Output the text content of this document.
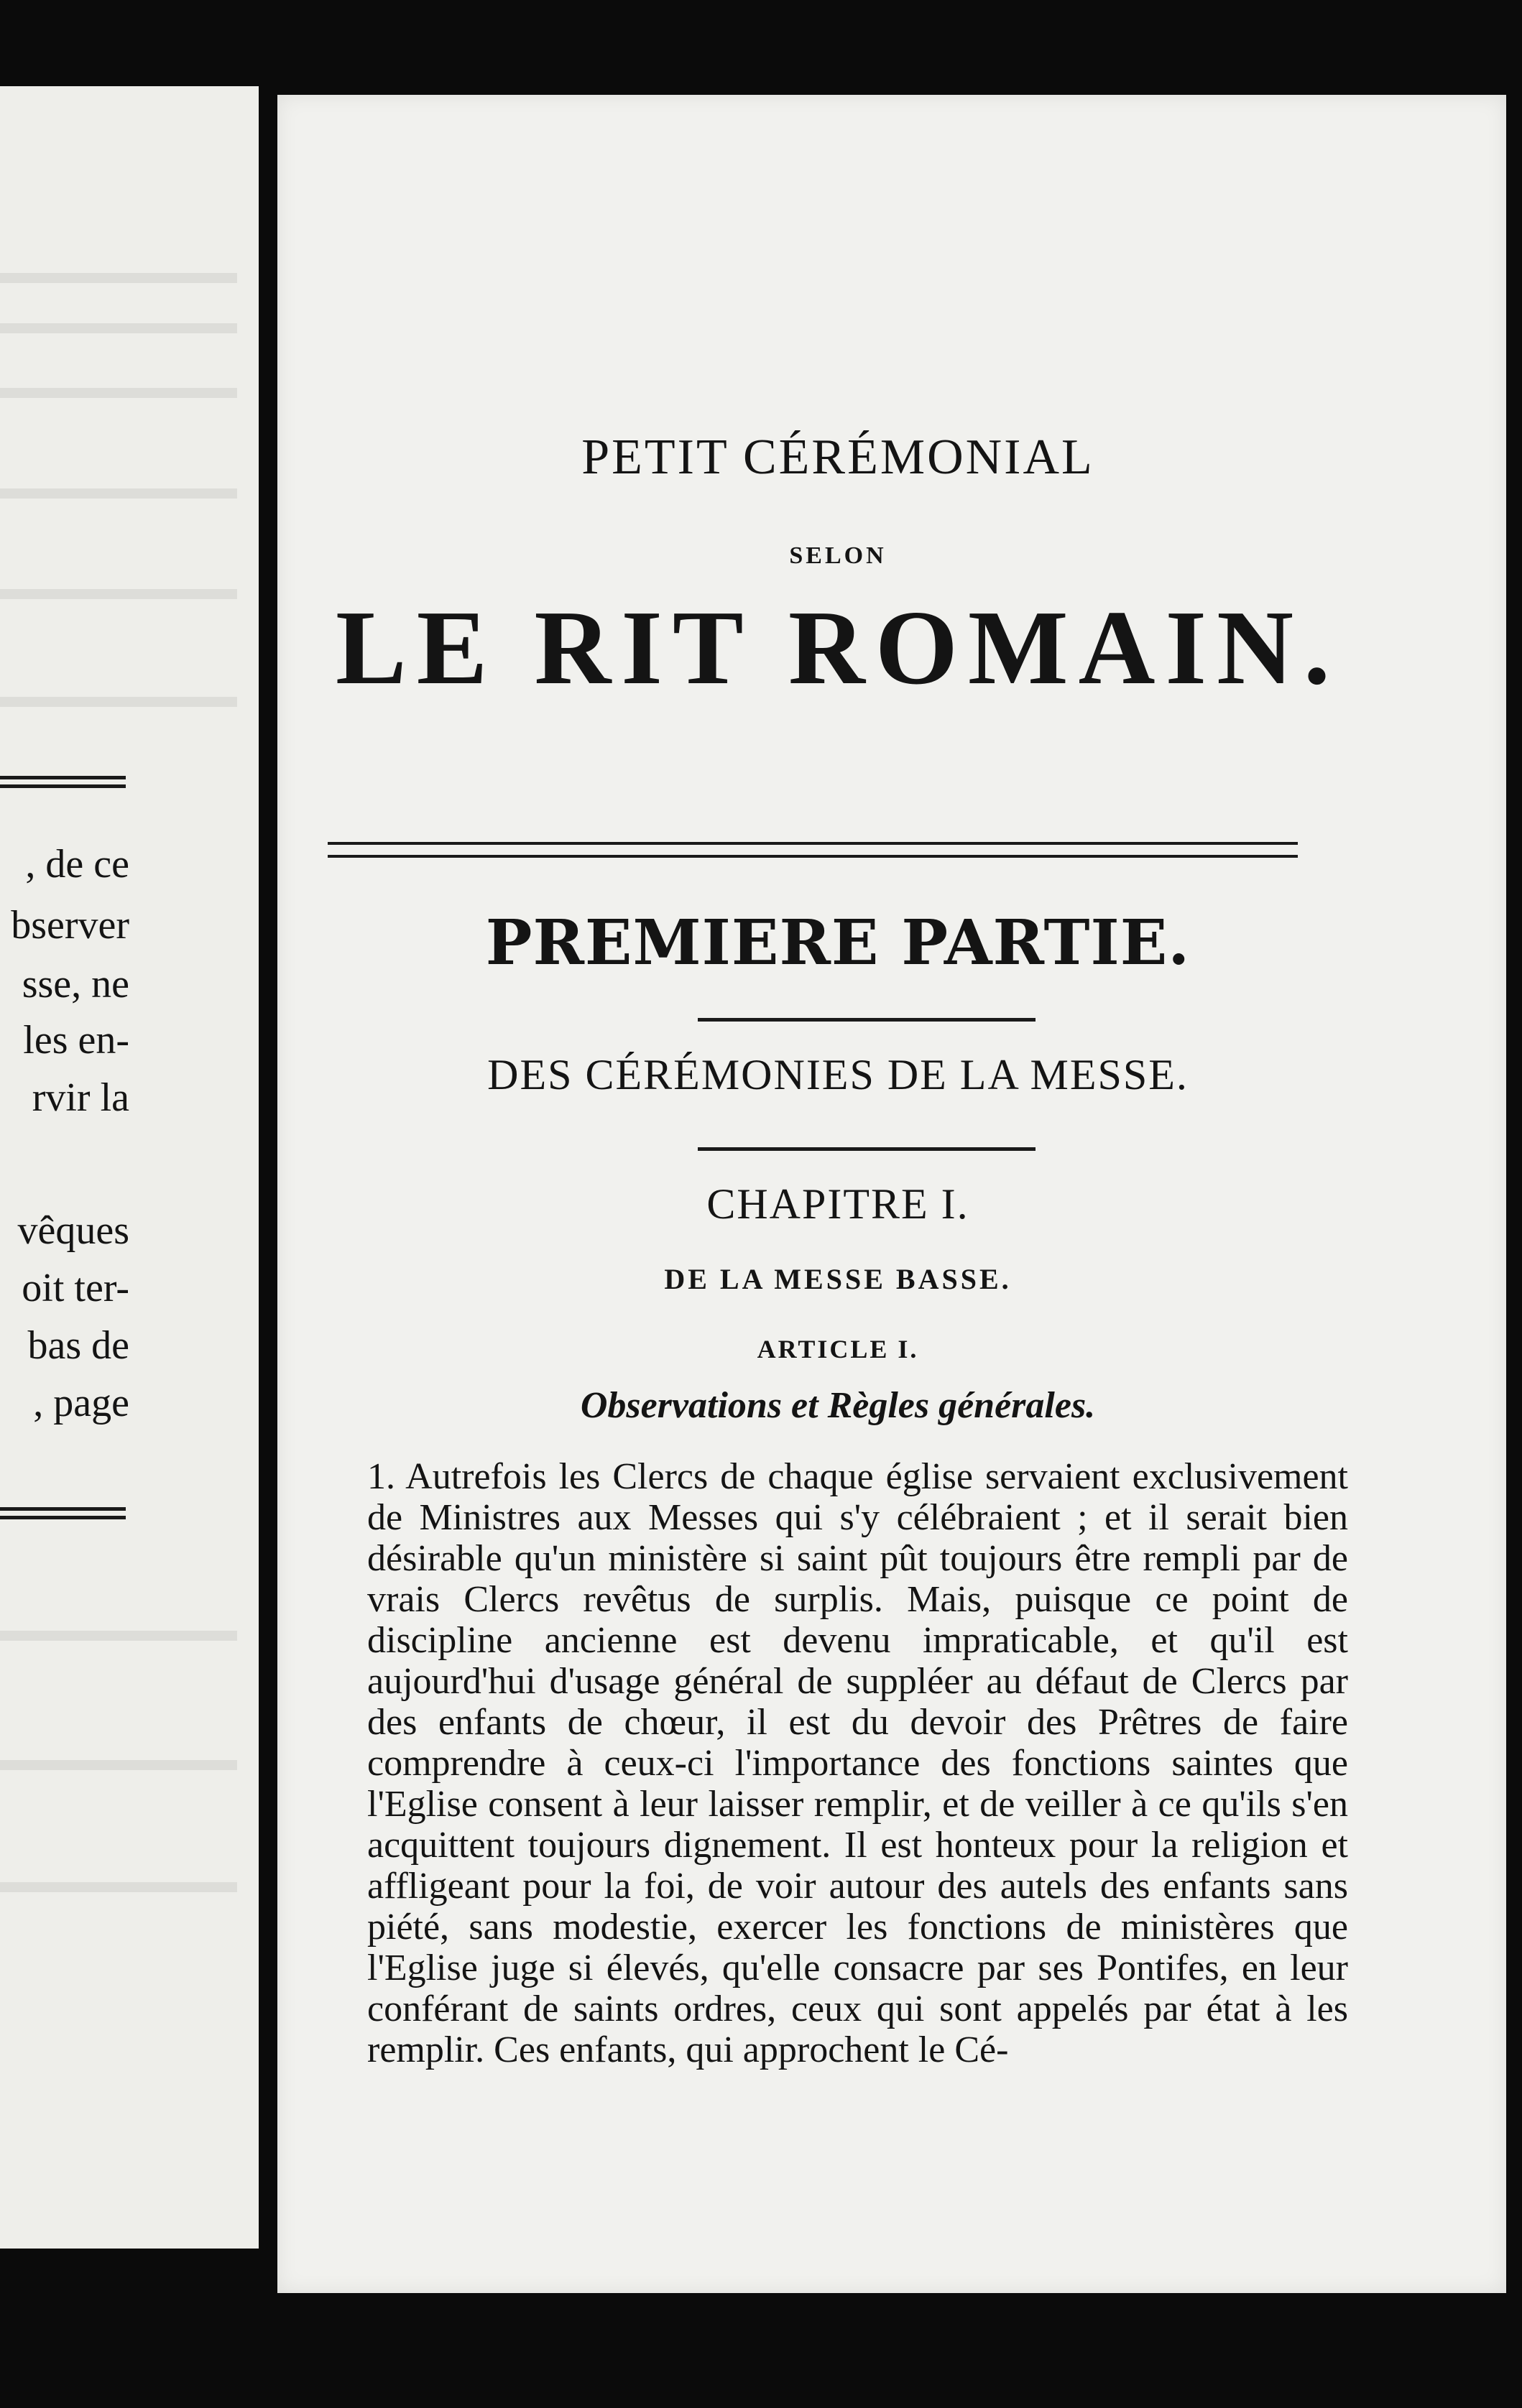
, de ce
bserver
sse, ne
les en-
rvir la
vêques
oit ter-
bas de
, page
PETIT CÉRÉMONIAL
SELON
LE RIT ROMAIN.
PREMIERE PARTIE.
DES CÉRÉMONIES DE LA MESSE.
CHAPITRE I.
DE LA MESSE BASSE.
ARTICLE I.
Observations et Règles générales.
1. Autrefois les Clercs de chaque église servaient exclusivement de Ministres aux Messes qui s'y célébraient ; et il serait bien désirable qu'un ministère si saint pût toujours être rempli par de vrais Clercs revêtus de surplis. Mais, puisque ce point de discipline ancienne est devenu impraticable, et qu'il est aujourd'hui d'usage général de suppléer au défaut de Clercs par des enfants de chœur, il est du devoir des Prêtres de faire comprendre à ceux-ci l'importance des fonctions saintes que l'Eglise consent à leur laisser remplir, et de veiller à ce qu'ils s'en acquittent toujours dignement. Il est honteux pour la religion et affligeant pour la foi, de voir autour des autels des enfants sans piété, sans modestie, exercer les fonctions de ministères que l'Eglise juge si élevés, qu'elle consacre par ses Pontifes, en leur conférant de saints ordres, ceux qui sont appelés par état à les remplir. Ces enfants, qui approchent le Cé-
